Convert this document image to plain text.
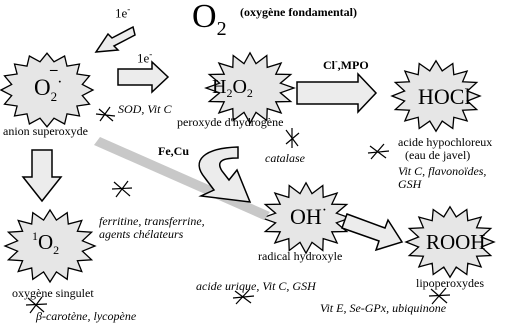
$O_2$
(oxygène fondamental)
1e-
1e-
$O_2^\cdot$
–
anion superoxyde
$H_2O_2$
peroxyde d'hydrogène
HOCl
acide hypochloreux
(eau de javel)
OH·
radical hydroxyle
$^1O_2$
oxygène singulet
ROOH
lipoperoxydes
Cl-,MPO
Fe,Cu
SOD, Vit C
catalase
Vit C, flavonoïdes,
GSH
ferritine, transferrine,
agents chélateurs
acide urique, Vit C, GSH
β-carotène, lycopène
Vit E, Se-GPx, ubiquinone
